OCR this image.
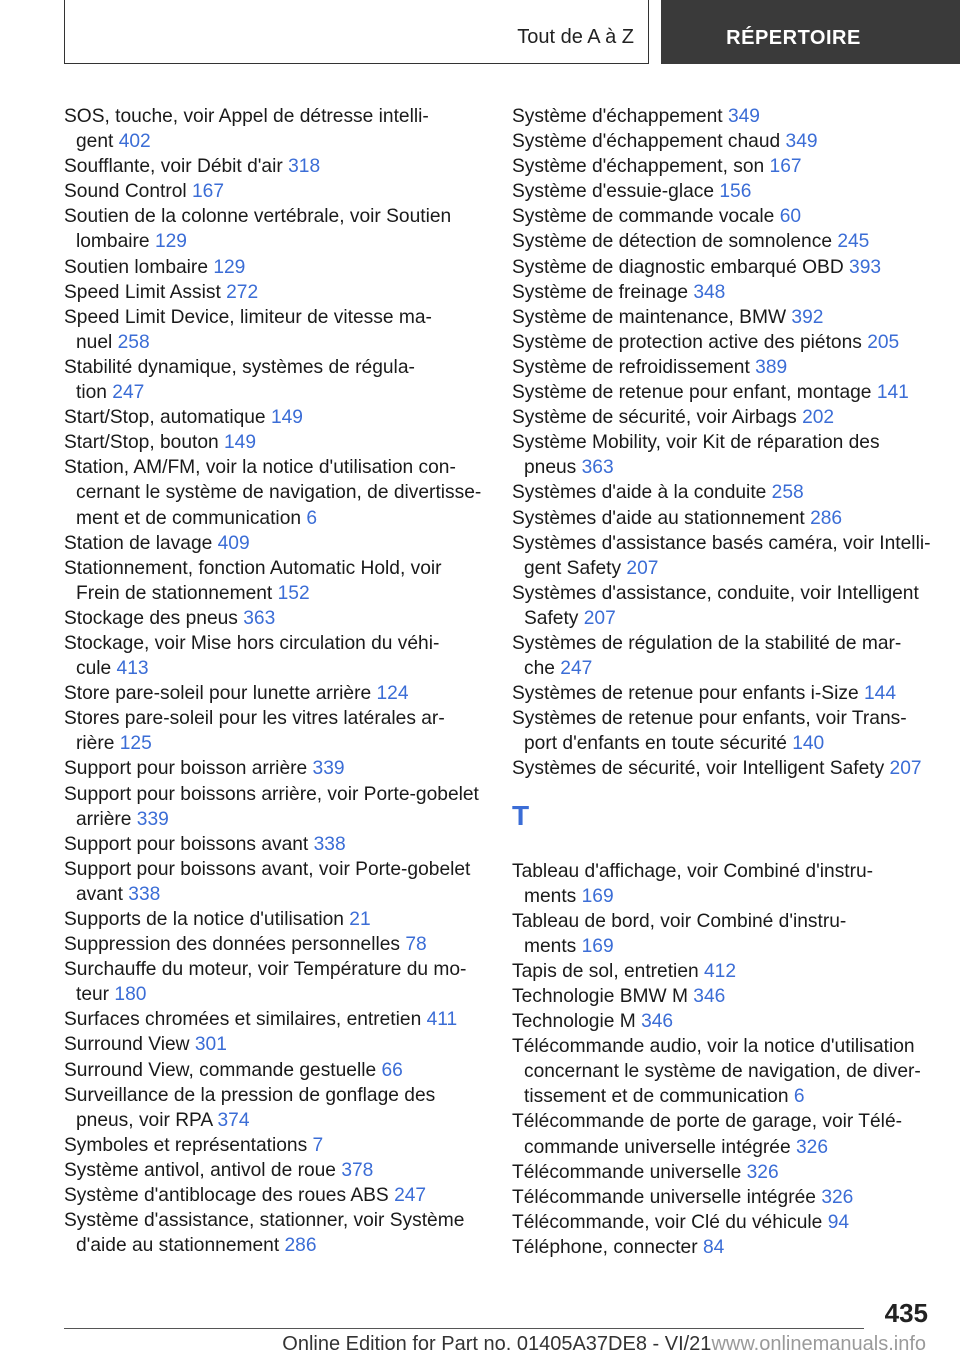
Tout de A à Z	RÉPERTOIRE
SOS, touche, voir Appel de détresse intelli-
gent 402
Soufflante, voir Débit d'air 318
Sound Control 167
Soutien de la colonne vertébrale, voir Soutien
lombaire 129
Soutien lombaire 129
Speed Limit Assist 272
Speed Limit Device, limiteur de vitesse ma-
nuel 258
Stabilité dynamique, systèmes de régula-
tion 247
Start/Stop, automatique 149
Start/Stop, bouton 149
Station, AM/FM, voir la notice d'utilisation con-
cernant le système de navigation, de divertisse-
ment et de communication 6
Station de lavage 409
Stationnement, fonction Automatic Hold, voir
Frein de stationnement 152
Stockage des pneus 363
Stockage, voir Mise hors circulation du véhi-
cule 413
Store pare-soleil pour lunette arrière 124
Stores pare-soleil pour les vitres latérales ar-
rière 125
Support pour boisson arrière 339
Support pour boissons arrière, voir Porte-gobelet
arrière 339
Support pour boissons avant 338
Support pour boissons avant, voir Porte-gobelet
avant 338
Supports de la notice d'utilisation 21
Suppression des données personnelles 78
Surchauffe du moteur, voir Température du mo-
teur 180
Surfaces chromées et similaires, entretien 411
Surround View 301
Surround View, commande gestuelle 66
Surveillance de la pression de gonflage des
pneus, voir RPA 374
Symboles et représentations 7
Système antivol, antivol de roue 378
Système d'antiblocage des roues ABS 247
Système d'assistance, stationner, voir Système
d'aide au stationnement 286
Système d'échappement 349
Système d'échappement chaud 349
Système d'échappement, son 167
Système d'essuie-glace 156
Système de commande vocale 60
Système de détection de somnolence 245
Système de diagnostic embarqué OBD 393
Système de freinage 348
Système de maintenance, BMW 392
Système de protection active des piétons 205
Système de refroidissement 389
Système de retenue pour enfant, montage 141
Système de sécurité, voir Airbags 202
Système Mobility, voir Kit de réparation des
pneus 363
Systèmes d'aide à la conduite 258
Systèmes d'aide au stationnement 286
Systèmes d'assistance basés caméra, voir Intelli-
gent Safety 207
Systèmes d'assistance, conduite, voir Intelligent
Safety 207
Systèmes de régulation de la stabilité de mar-
che 247
Systèmes de retenue pour enfants i-Size 144
Systèmes de retenue pour enfants, voir Trans-
port d'enfants en toute sécurité 140
Systèmes de sécurité, voir Intelligent Safety 207
T
Tableau d'affichage, voir Combiné d'instru-
ments 169
Tableau de bord, voir Combiné d'instru-
ments 169
Tapis de sol, entretien 412
Technologie BMW M 346
Technologie M 346
Télécommande audio, voir la notice d'utilisation
concernant le système de navigation, de diver-
tissement et de communication 6
Télécommande de porte de garage, voir Télé-
commande universelle intégrée 326
Télécommande universelle 326
Télécommande universelle intégrée 326
Télécommande, voir Clé du véhicule 94
Téléphone, connecter 84
435
Online Edition for Part no. 01405A37DE8 - VI/21www.onlinemanuals.info
